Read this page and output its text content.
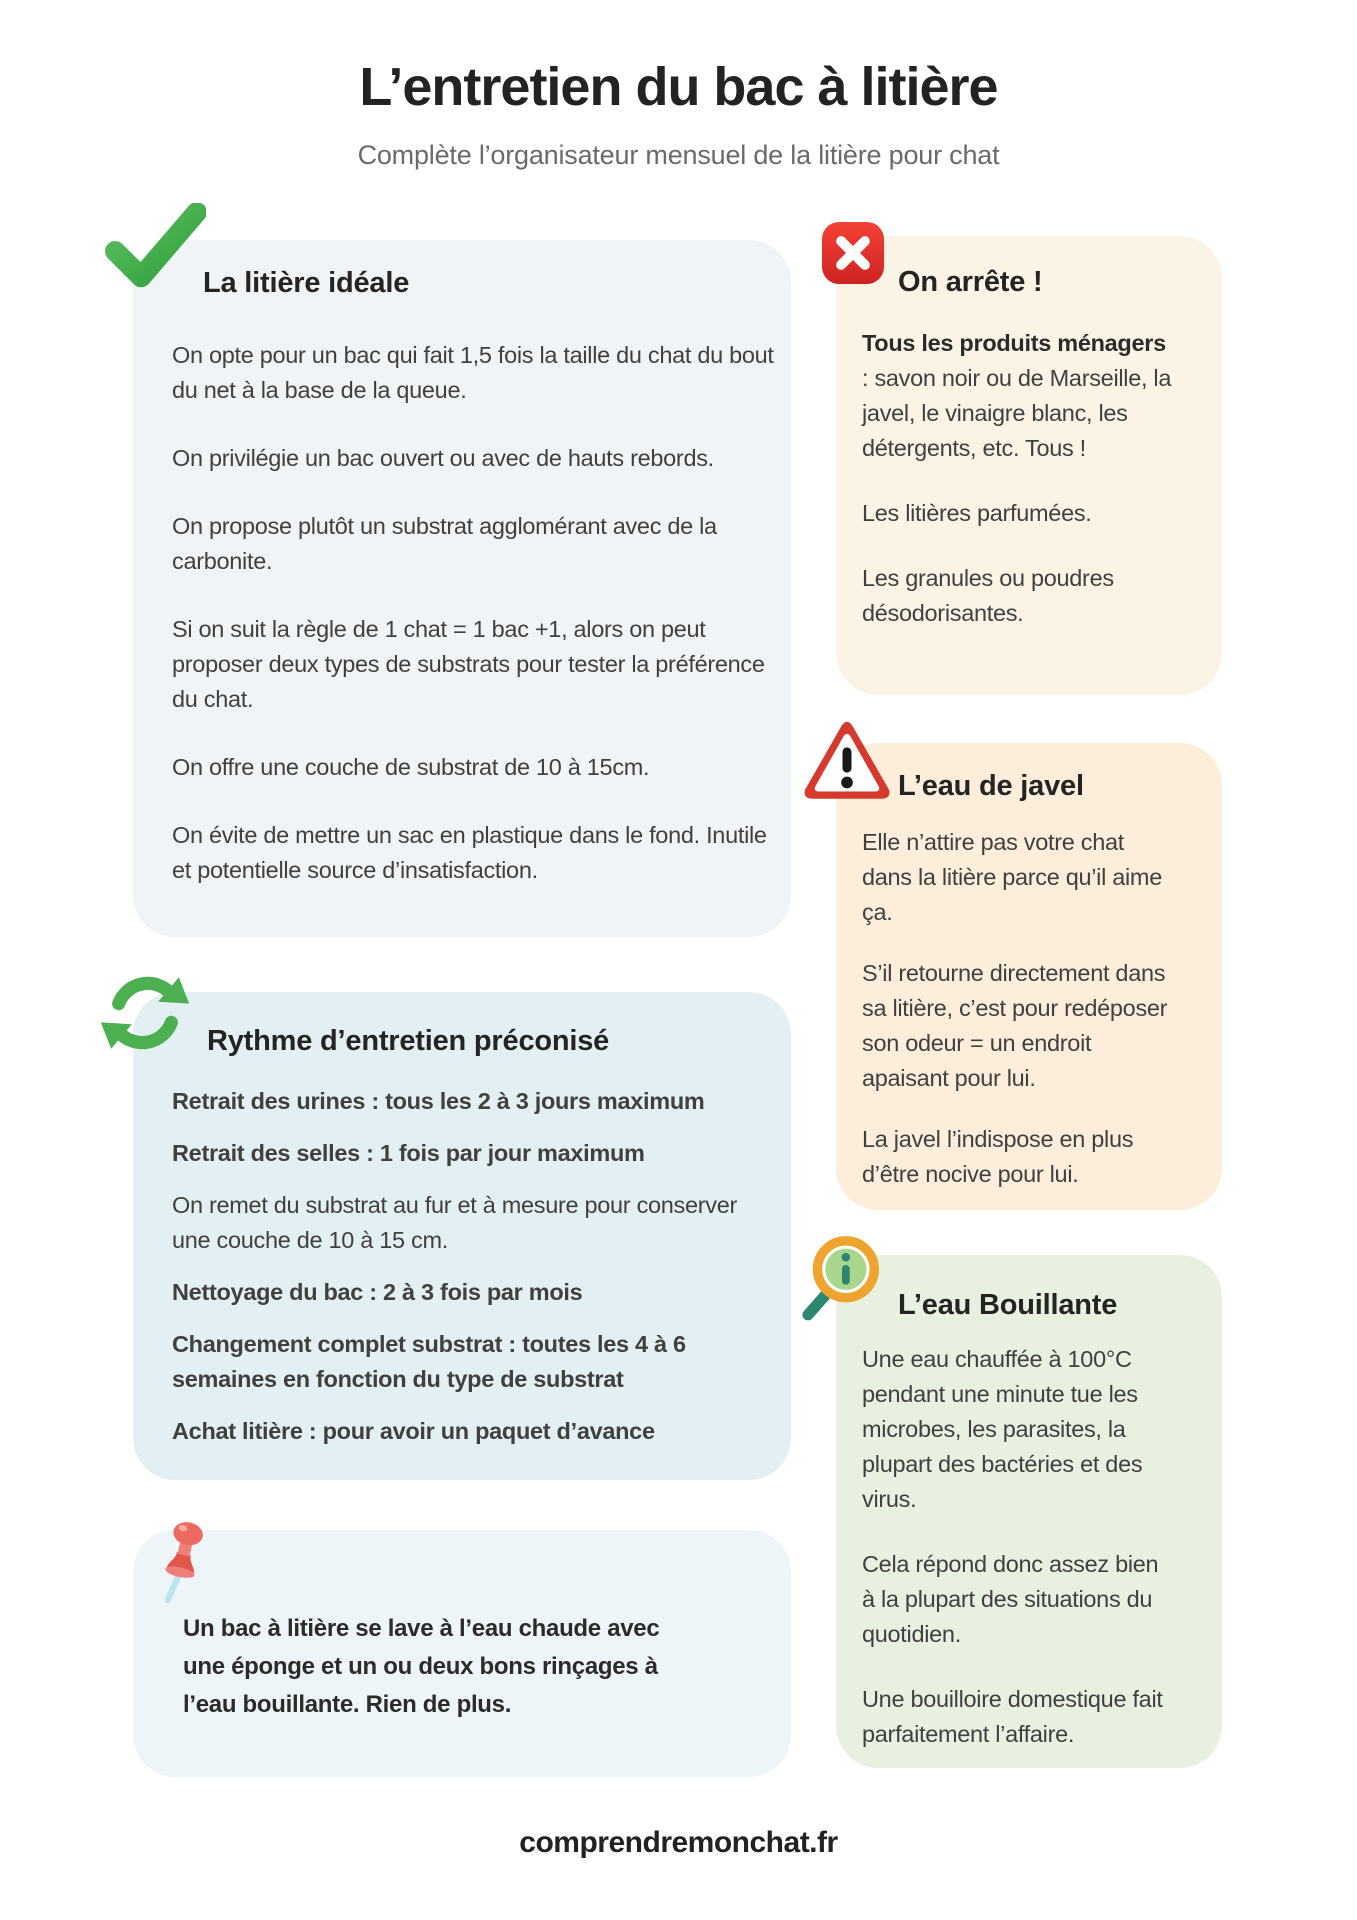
L’entretien du bac à litière
Complète l’organisateur mensuel de la litière pour chat
La litière idéale

On opte pour un bac qui fait 1,5 fois la taille du chat du bout du net à la base de la queue.

On privilégie un bac ouvert ou avec de hauts rebords.

On propose plutôt un substrat agglomérant avec de la carbonite.

Si on suit la règle de 1 chat = 1 bac +1, alors on peut proposer deux types de substrats pour tester la préférence du chat.

On offre une couche de substrat de 10 à 15cm.

On évite de mettre un sac en plastique dans le fond. Inutile et potentielle source d’insatisfaction.

Rythme d’entretien préconisé

Retrait des urines : tous les 2 à 3 jours maximum

Retrait des selles : 1 fois par jour maximum

On remet du substrat au fur et à mesure pour conserver une couche de 10 à 15 cm.

Nettoyage du bac : 2 à 3 fois par mois

Changement complet substrat : toutes les 4 à 6 semaines en fonction du type de substrat

Achat litière : pour avoir un paquet d’avance

Un bac à litière se lave à l’eau chaude avec une éponge et un ou deux bons rinçages à l’eau bouillante. Rien de plus.

On arrête !

Tous les produits ménagers : savon noir ou de Marseille, la javel, le vinaigre blanc, les détergents, etc. Tous !

Les litières parfumées.

Les granules ou poudres désodorisantes.

L’eau de javel

Elle n’attire pas votre chat dans la litière parce qu’il aime ça.

S’il retourne directement dans sa litière, c’est pour redéposer son odeur = un endroit apaisant pour lui.

La javel l’indispose en plus d’être nocive pour lui.

L’eau Bouillante

Une eau chauffée à 100°C pendant une minute tue les microbes, les parasites, la plupart des bactéries et des virus.

Cela répond donc assez bien à la plupart des situations du quotidien.

Une bouilloire domestique fait parfaitement l’affaire.

comprendremonchat.fr
